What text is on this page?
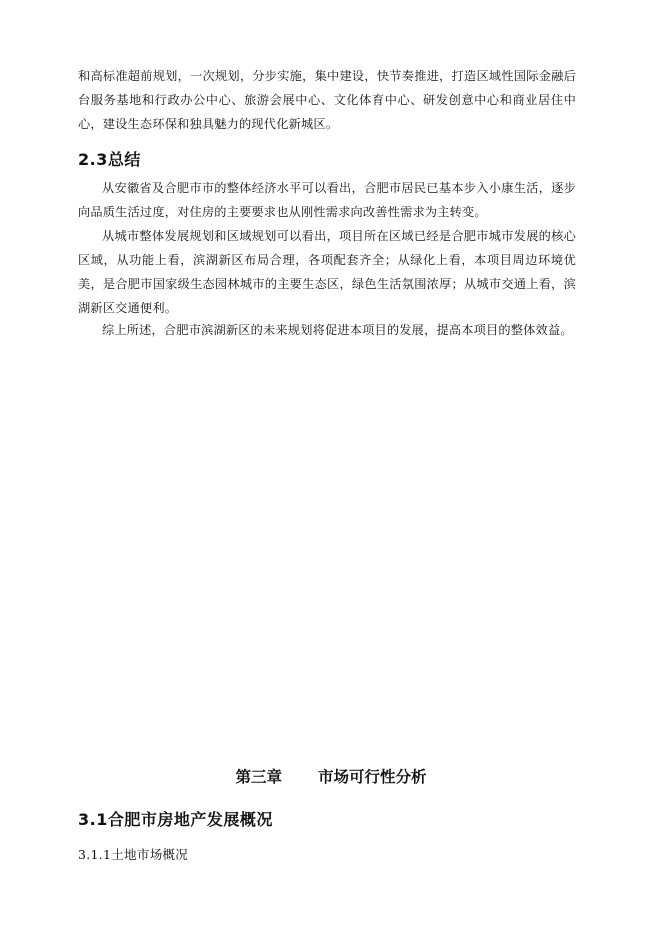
和高标准超前规划，一次规划，分步实施，集中建设，快节奏推进，打造区域性国际金融后台服务基地和行政办公中心、旅游会展中心、文化体育中心、研发创意中心和商业居住中心，建设生态环保和独具魅力的现代化新城区。

2.3总结

从安徽省及合肥市市的整体经济水平可以看出，合肥市居民已基本步入小康生活，逐步向品质生活过度，对住房的主要要求也从刚性需求向改善性需求为主转变。

从城市整体发展规划和区域规划可以看出，项目所在区域已经是合肥市城市发展的核心区域，从功能上看，滨湖新区布局合理，各项配套齐全；从绿化上看，本项目周边环境优美，是合肥市国家级生态园林城市的主要生态区，绿色生活氛围浓厚；从城市交通上看，滨湖新区交通便利。

综上所述，合肥市滨湖新区的未来规划将促进本项目的发展，提高本项目的整体效益。

第三章 市场可行性分析
3.1合肥市房地产发展概况
3.1.1土地市场概况
